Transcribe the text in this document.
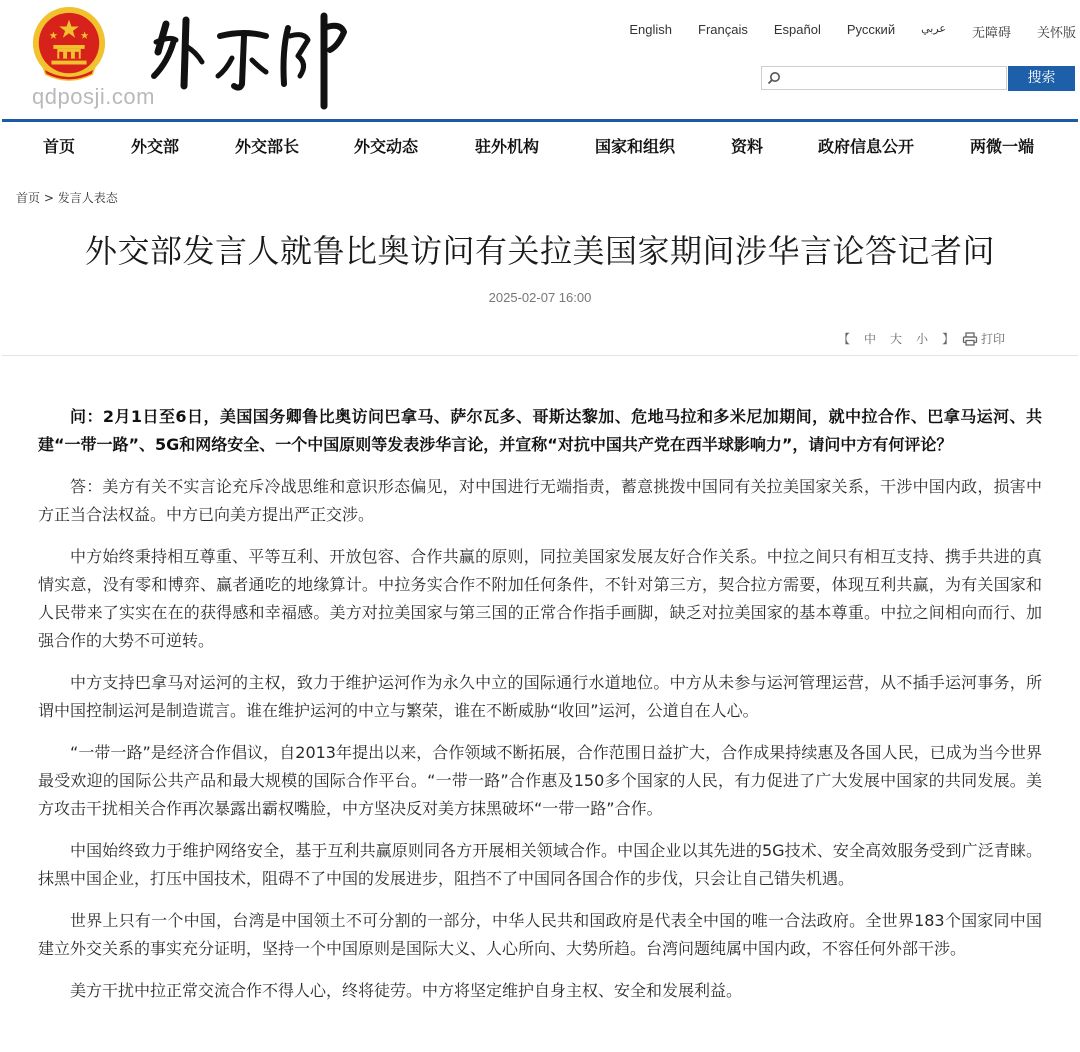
qdposji.com
English Français Español Русский عربي 无障碍 关怀版
搜索
首页	外交部	外交部长	外交动态	驻外机构	国家和组织	资料	政府信息公开	两微一端
首页 > 发言人表态
外交部发言人就鲁比奥访问有关拉美国家期间涉华言论答记者问
2025-02-07 16:00
【 中 大 小 】 打印

问：2月1日至6日，美国国务卿鲁比奥访问巴拿马、萨尔瓦多、哥斯达黎加、危地马拉和多米尼加期间，就中拉合作、巴拿马运河、共建“一带一路”、5G和网络安全、一个中国原则等发表涉华言论，并宣称“对抗中国共产党在西半球影响力”，请问中方有何评论？

答：美方有关不实言论充斥冷战思维和意识形态偏见，对中国进行无端指责，蓄意挑拨中国同有关拉美国家关系，干涉中国内政，损害中方正当合法权益。中方已向美方提出严正交涉。

中方始终秉持相互尊重、平等互利、开放包容、合作共赢的原则，同拉美国家发展友好合作关系。中拉之间只有相互支持、携手共进的真情实意，没有零和博弈、赢者通吃的地缘算计。中拉务实合作不附加任何条件，不针对第三方，契合拉方需要，体现互利共赢，为有关国家和人民带来了实实在在的获得感和幸福感。美方对拉美国家与第三国的正常合作指手画脚，缺乏对拉美国家的基本尊重。中拉之间相向而行、加强合作的大势不可逆转。

中方支持巴拿马对运河的主权，致力于维护运河作为永久中立的国际通行水道地位。中方从未参与运河管理运营，从不插手运河事务，所谓中国控制运河是制造谎言。谁在维护运河的中立与繁荣，谁在不断威胁“收回”运河，公道自在人心。

“一带一路”是经济合作倡议，自2013年提出以来，合作领域不断拓展，合作范围日益扩大，合作成果持续惠及各国人民，已成为当今世界最受欢迎的国际公共产品和最大规模的国际合作平台。“一带一路”合作惠及150多个国家的人民，有力促进了广大发展中国家的共同发展。美方攻击干扰相关合作再次暴露出霸权嘴脸，中方坚决反对美方抹黑破坏“一带一路”合作。

中国始终致力于维护网络安全，基于互利共赢原则同各方开展相关领域合作。中国企业以其先进的5G技术、安全高效服务受到广泛青睐。抹黑中国企业，打压中国技术，阻碍不了中国的发展进步，阻挡不了中国同各国合作的步伐，只会让自己错失机遇。

世界上只有一个中国，台湾是中国领土不可分割的一部分，中华人民共和国政府是代表全中国的唯一合法政府。全世界183个国家同中国建立外交关系的事实充分证明，坚持一个中国原则是国际大义、人心所向、大势所趋。台湾问题纯属中国内政，不容任何外部干涉。

美方干扰中拉正常交流合作不得人心，终将徒劳。中方将坚定维护自身主权、安全和发展利益。
